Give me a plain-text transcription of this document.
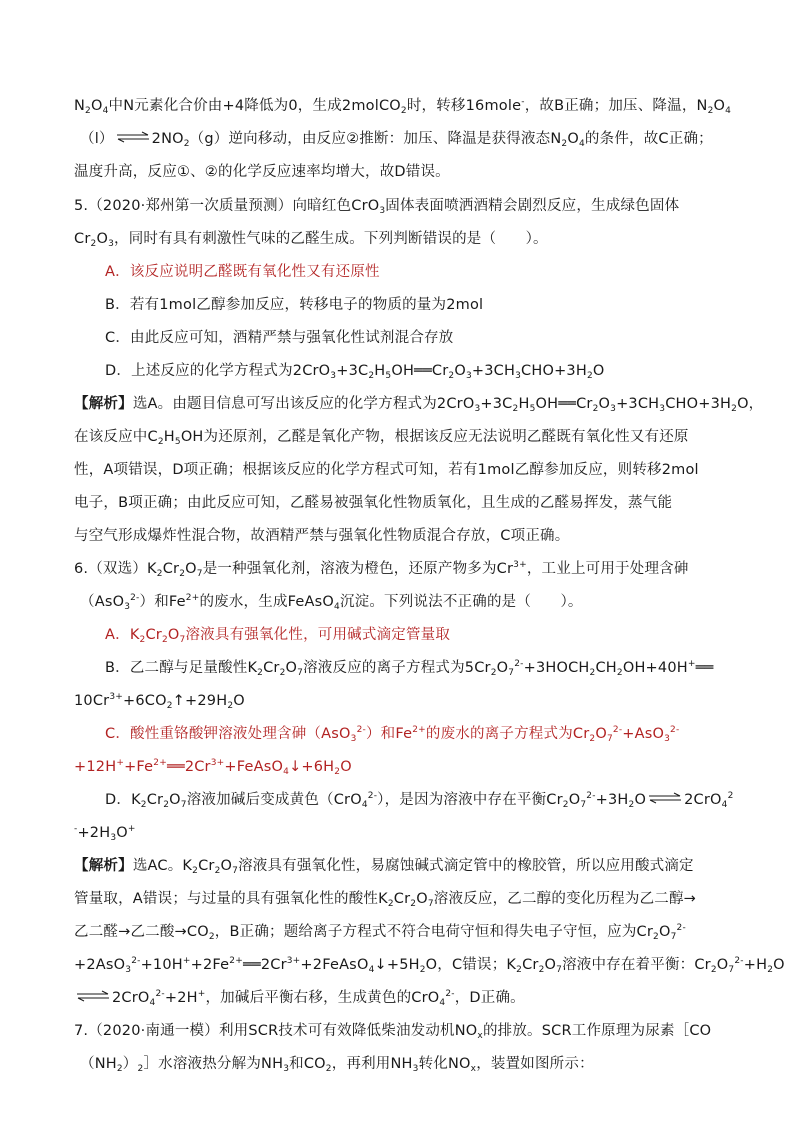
$N_2O_4$中N元素化合价由+4降低为0，生成2molCO$_2$时，转移16mole-，故B正确；加压、降温，$N_2O_4$
$(l)\rightleftharpoons 2NO_2(g)$逆向移动，由反应②推断：加压、降温是获得液态$N_2O_4$的条件，故C正确；
温度升高，反应①、②的化学反应速率均增大，故D错误。
5.（2020·郑州第一次质量预测）向暗红色CrO$_3$固体表面喷洒酒精会剧烈反应，生成绿色固体
$Cr_2O_3$，同时有具有刺激性气味的乙醛生成。下列判断错误的是（　　）。
A．该反应说明乙醛既有氧化性又有还原性
B．若有1mol乙醇参加反应，转移电子的物质的量为2mol
C．由此反应可知，酒精严禁与强氧化性试剂混合存放
D．上述反应的化学方程式为$2CrO_3+3C_2H_5OH══Cr_2O_3+3CH_3CHO+3H_2O$
【解析】选A。由题目信息可写出该反应的化学方程式为$2CrO_3+3C_2H_5OH══Cr_2O_3+3CH_3CHO+3H_2O$，
在该反应中$C_2H_5OH$为还原剂，乙醛是氧化产物，根据该反应无法说明乙醛既有氧化性又有还原
性，A项错误，D项正确；根据该反应的化学方程式可知，若有1mol乙醇参加反应，则转移2mol
电子，B项正确；由此反应可知，乙醛易被强氧化性物质氧化，且生成的乙醛易挥发，蒸气能
与空气形成爆炸性混合物，故酒精严禁与强氧化性物质混合存放，C项正确。
6.（双选）$K_2Cr_2O_7$是一种强氧化剂，溶液为橙色，还原产物多为$Cr^{3+}$，工业上可用于处理含砷
（AsO$_3^{2-}$）和$Fe^{2+}$的废水，生成FeAsO$_4$沉淀。下列说法不正确的是（　　）。
A．$K_2Cr_2O_7$溶液具有强氧化性，可用碱式滴定管量取
B．乙二醇与足量酸性$K_2Cr_2O_7$溶液反应的离子方程式为$5Cr_2O_7^{2-}+3HOCH_2CH_2OH+40H^+══$
$10Cr^{3+}+6CO_2↑+29H_2O$
C．酸性重铬酸钾溶液处理含砷（AsO$_3^{2-}$）和$Fe^{2+}$的废水的离子方程式为$Cr_2O_7^{2-}+AsO_3^{2-}$
$+12H^++Fe^{2+}══2Cr^{3+}+FeAsO_4↓+6H_2O$
D．$K_2Cr_2O_7$溶液加碱后变成黄色（CrO$_4^{2-}$），是因为溶液中存在平衡$Cr_2O_7^{2-}+3H_2O\rightleftharpoons 2CrO_4^2$
$^-+2H_3O^+$
【解析】选AC。$K_2Cr_2O_7$溶液具有强氧化性，易腐蚀碱式滴定管中的橡胶管，所以应用酸式滴定
管量取，A错误；与过量的具有强氧化性的酸性$K_2Cr_2O_7$溶液反应，乙二醇的变化历程为乙二醇→
乙二醛→乙二酸$\to CO_2$，B正确；题给离子方程式不符合电荷守恒和得失电子守恒，应为$Cr_2O_7^{2-}$
$+2AsO_3^{2-}+10H^++2Fe^{2+}══2Cr^{3+}+2FeAsO_4↓+5H_2O$，C错误；$K_2Cr_2O_7$溶液中存在着平衡：$Cr_2O_7^{2-}+H_2O$
⇌2CrO$_4^{2-}$+2H+，加碱后平衡右移，生成黄色的CrO$_4^{2-}$，D正确。
7.（2020·南通一模）利用SCR技术可有效降低柴油发动机$NO_x$的排放。SCR工作原理为尿素［CO
$(NH_2)_2]$水溶液热分解为$NH_3$和$CO_2$，再利用$NH_3$转化$NO_x$，装置如图所示：
